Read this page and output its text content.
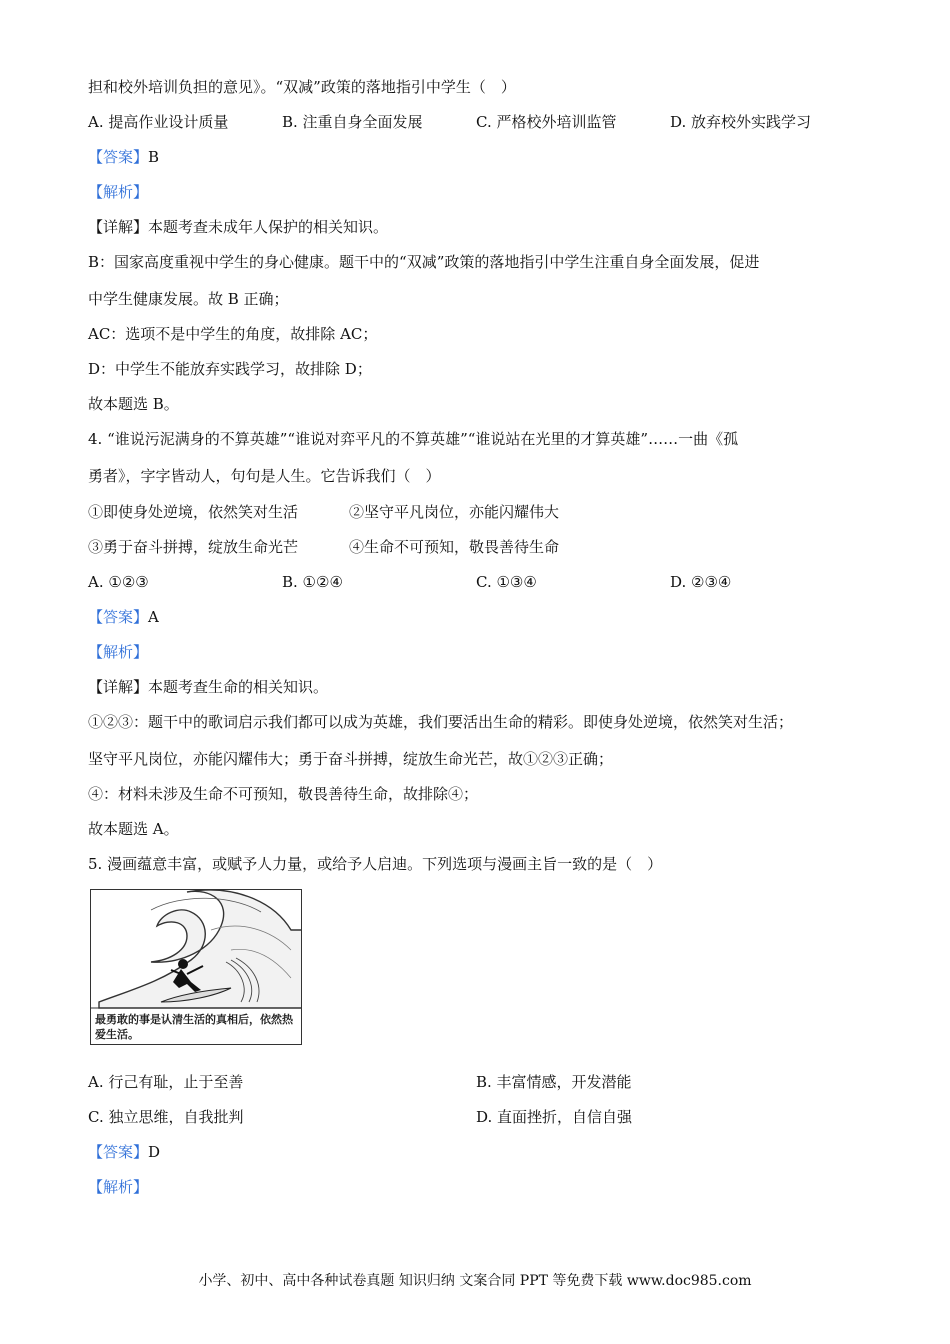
担和校外培训负担的意见》。“双减”政策的落地指引中学生（　）
A. 提高作业设计质量	B. 注重自身全面发展	C. 严格校外培训监管	D. 放弃校外实践学习
【答案】B
【解析】
【详解】本题考查未成年人保护的相关知识。
B：国家高度重视中学生的身心健康。题干中的“双减”政策的落地指引中学生注重自身全面发展，促进
中学生健康发展。故 B 正确；
AC：选项不是中学生的角度，故排除 AC；
D：中学生不能放弃实践学习，故排除 D；
故本题选 B。
4. “谁说污泥满身的不算英雄”“谁说对弈平凡的不算英雄”“谁说站在光里的才算英雄”……一曲《孤
勇者》，字字皆动人，句句是人生。它告诉我们（　）
①即使身处逆境，依然笑对生活	②坚守平凡岗位，亦能闪耀伟大
③勇于奋斗拼搏，绽放生命光芒	④生命不可预知，敬畏善待生命
A. ①②③	B. ①②④	C. ①③④	D. ②③④
【答案】A
【解析】
【详解】本题考查生命的相关知识。
①②③：题干中的歌词启示我们都可以成为英雄，我们要活出生命的精彩。即使身处逆境，依然笑对生活；
坚守平凡岗位，亦能闪耀伟大；勇于奋斗拼搏，绽放生命光芒，故①②③正确；
④：材料未涉及生命不可预知，敬畏善待生命，故排除④；
故本题选 A。
5. 漫画蕴意丰富，或赋予人力量，或给予人启迪。下列选项与漫画主旨一致的是（　）
最勇敢的事是认清生活的真相后，依然热爱生活。
A. 行己有耻，止于至善	B. 丰富情感，开发潜能
C. 独立思维，自我批判	D. 直面挫折，自信自强
【答案】D
【解析】
小学、初中、高中各种试卷真题 知识归纳 文案合同 PPT 等免费下载 www.doc985.com
